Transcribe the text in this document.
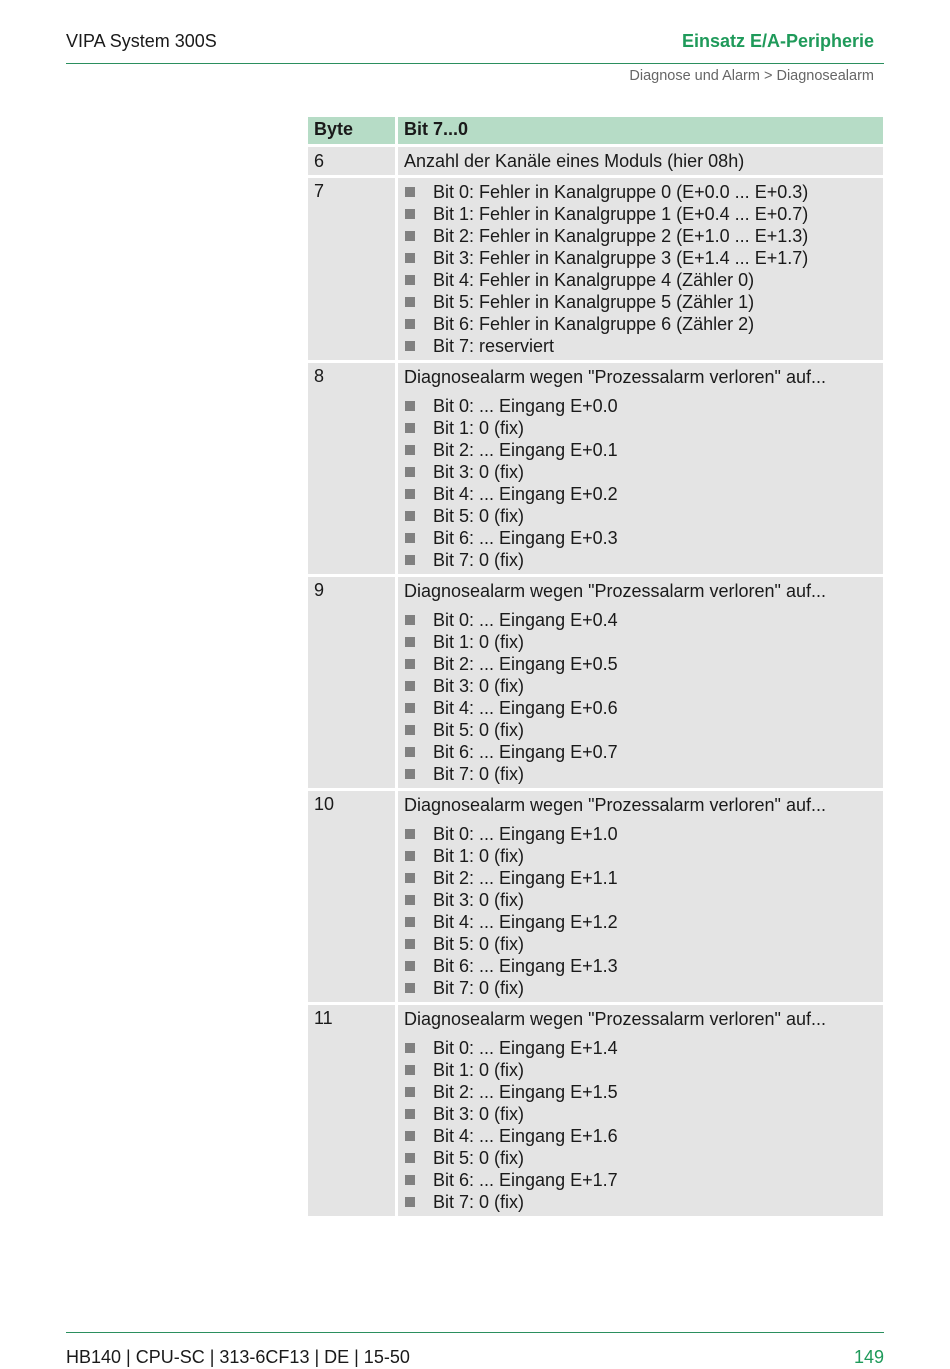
VIPA System 300S	Einsatz E/A-Peripherie
Diagnose und Alarm > Diagnosealarm
Byte	Bit 7...0
6	Anzahl der Kanäle eines Moduls (hier 08h)
7	Bit 0: Fehler in Kanalgruppe 0 (E+0.0 ... E+0.3)
Bit 1: Fehler in Kanalgruppe 1 (E+0.4 ... E+0.7)
Bit 2: Fehler in Kanalgruppe 2 (E+1.0 ... E+1.3)
Bit 3: Fehler in Kanalgruppe 3 (E+1.4 ... E+1.7)
Bit 4: Fehler in Kanalgruppe 4 (Zähler 0)
Bit 5: Fehler in Kanalgruppe 5 (Zähler 1)
Bit 6: Fehler in Kanalgruppe 6 (Zähler 2)
Bit 7: reserviert
8	Diagnosealarm wegen "Prozessalarm verloren" auf...
Bit 0: ... Eingang E+0.0
Bit 1: 0 (fix)
Bit 2: ... Eingang E+0.1
Bit 3: 0 (fix)
Bit 4: ... Eingang E+0.2
Bit 5: 0 (fix)
Bit 6: ... Eingang E+0.3
Bit 7: 0 (fix)
9	Diagnosealarm wegen "Prozessalarm verloren" auf...
Bit 0: ... Eingang E+0.4
Bit 1: 0 (fix)
Bit 2: ... Eingang E+0.5
Bit 3: 0 (fix)
Bit 4: ... Eingang E+0.6
Bit 5: 0 (fix)
Bit 6: ... Eingang E+0.7
Bit 7: 0 (fix)
10	Diagnosealarm wegen "Prozessalarm verloren" auf...
Bit 0: ... Eingang E+1.0
Bit 1: 0 (fix)
Bit 2: ... Eingang E+1.1
Bit 3: 0 (fix)
Bit 4: ... Eingang E+1.2
Bit 5: 0 (fix)
Bit 6: ... Eingang E+1.3
Bit 7: 0 (fix)
11	Diagnosealarm wegen "Prozessalarm verloren" auf...
Bit 0: ... Eingang E+1.4
Bit 1: 0 (fix)
Bit 2: ... Eingang E+1.5
Bit 3: 0 (fix)
Bit 4: ... Eingang E+1.6
Bit 5: 0 (fix)
Bit 6: ... Eingang E+1.7
Bit 7: 0 (fix)
HB140 | CPU-SC | 313-6CF13 | DE | 15-50	149
